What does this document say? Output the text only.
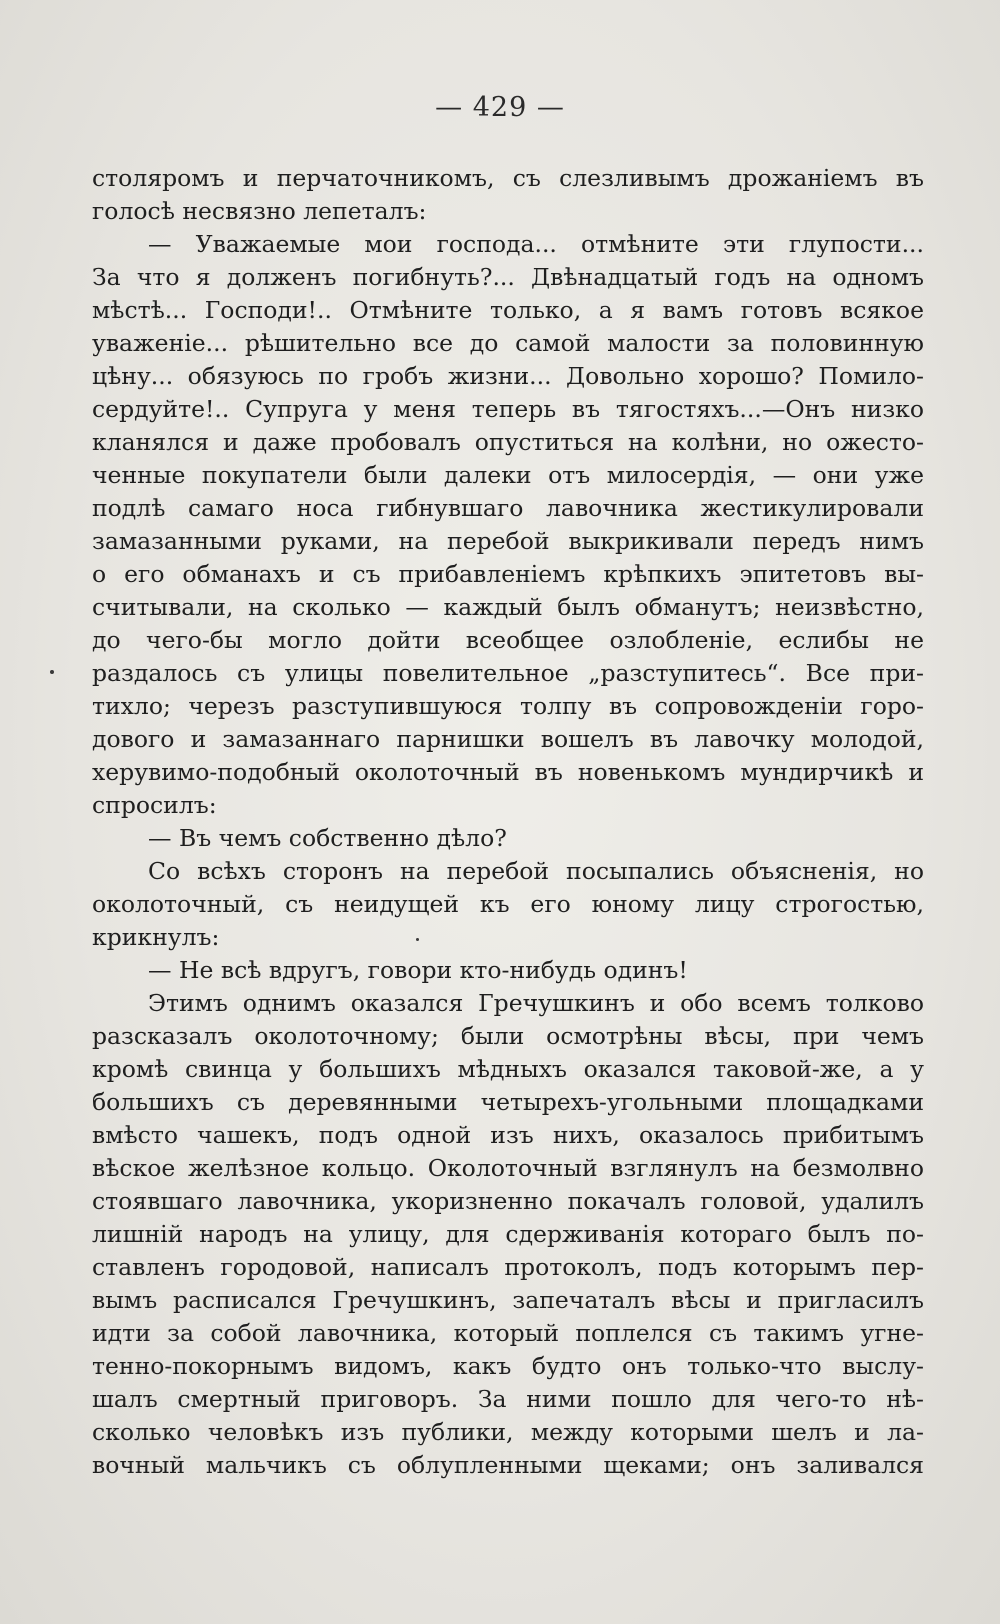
— 429 —
столяромъ и перчаточникомъ, съ слезливымъ дрожаніемъ въ
голосѣ несвязно лепеталъ:
— Уважаемые мои господа... отмѣните эти глупости...
За что я долженъ погибнуть?... Двѣнадцатый годъ на одномъ
мѣстѣ... Господи!.. Отмѣните только, а я вамъ готовъ всякое
уваженіе... рѣшительно все до самой малости за половинную
цѣну... обязуюсь по гробъ жизни... Довольно хорошо? Помило-
сердуйте!.. Супруга у меня теперь въ тягостяхъ...—Онъ низко
кланялся и даже пробовалъ опуститься на колѣни, но ожесто-
ченные покупатели были далеки отъ милосердія, — они уже
подлѣ самаго носа гибнувшаго лавочника жестикулировали
замазанными руками, на перебой выкрикивали передъ нимъ
о его обманахъ и съ прибавленіемъ крѣпкихъ эпитетовъ вы-
считывали, на сколько — каждый былъ обманутъ; неизвѣстно,
до чего-бы могло дойти всеобщее озлобленіе, еслибы не
раздалось съ улицы повелительное „разступитесь“. Все при-
тихло; черезъ разступившуюся толпу въ сопровожденіи горо-
дового и замазаннаго парнишки вошелъ въ лавочку молодой,
херувимо-подобный околоточный въ новенькомъ мундирчикѣ и
спросилъ:
— Въ чемъ собственно дѣло?
Со всѣхъ сторонъ на перебой посыпались объясненія, но
околоточный, съ неидущей къ его юному лицу строгостью,
крикнулъ:
— Не всѣ вдругъ, говори кто-нибудь одинъ!
Этимъ однимъ оказался Гречушкинъ и обо всемъ толково
разсказалъ околоточному; были осмотрѣны вѣсы, при чемъ
кромѣ свинца у большихъ мѣдныхъ оказался таковой-же, а у
большихъ съ деревянными четырехъ-угольными площадками
вмѣсто чашекъ, подъ одной изъ нихъ, оказалось прибитымъ
вѣское желѣзное кольцо. Околоточный взглянулъ на безмолвно
стоявшаго лавочника, укоризненно покачалъ головой, удалилъ
лишній народъ на улицу, для сдерживанія котораго былъ по-
ставленъ городовой, написалъ протоколъ, подъ которымъ пер-
вымъ расписался Гречушкинъ, запечаталъ вѣсы и пригласилъ
идти за собой лавочника, который поплелся съ такимъ угне-
тенно-покорнымъ видомъ, какъ будто онъ только-что выслу-
шалъ смертный приговоръ. За ними пошло для чего-то нѣ-
сколько человѣкъ изъ публики, между которыми шелъ и ла-
вочный мальчикъ съ облупленными щеками; онъ заливался
